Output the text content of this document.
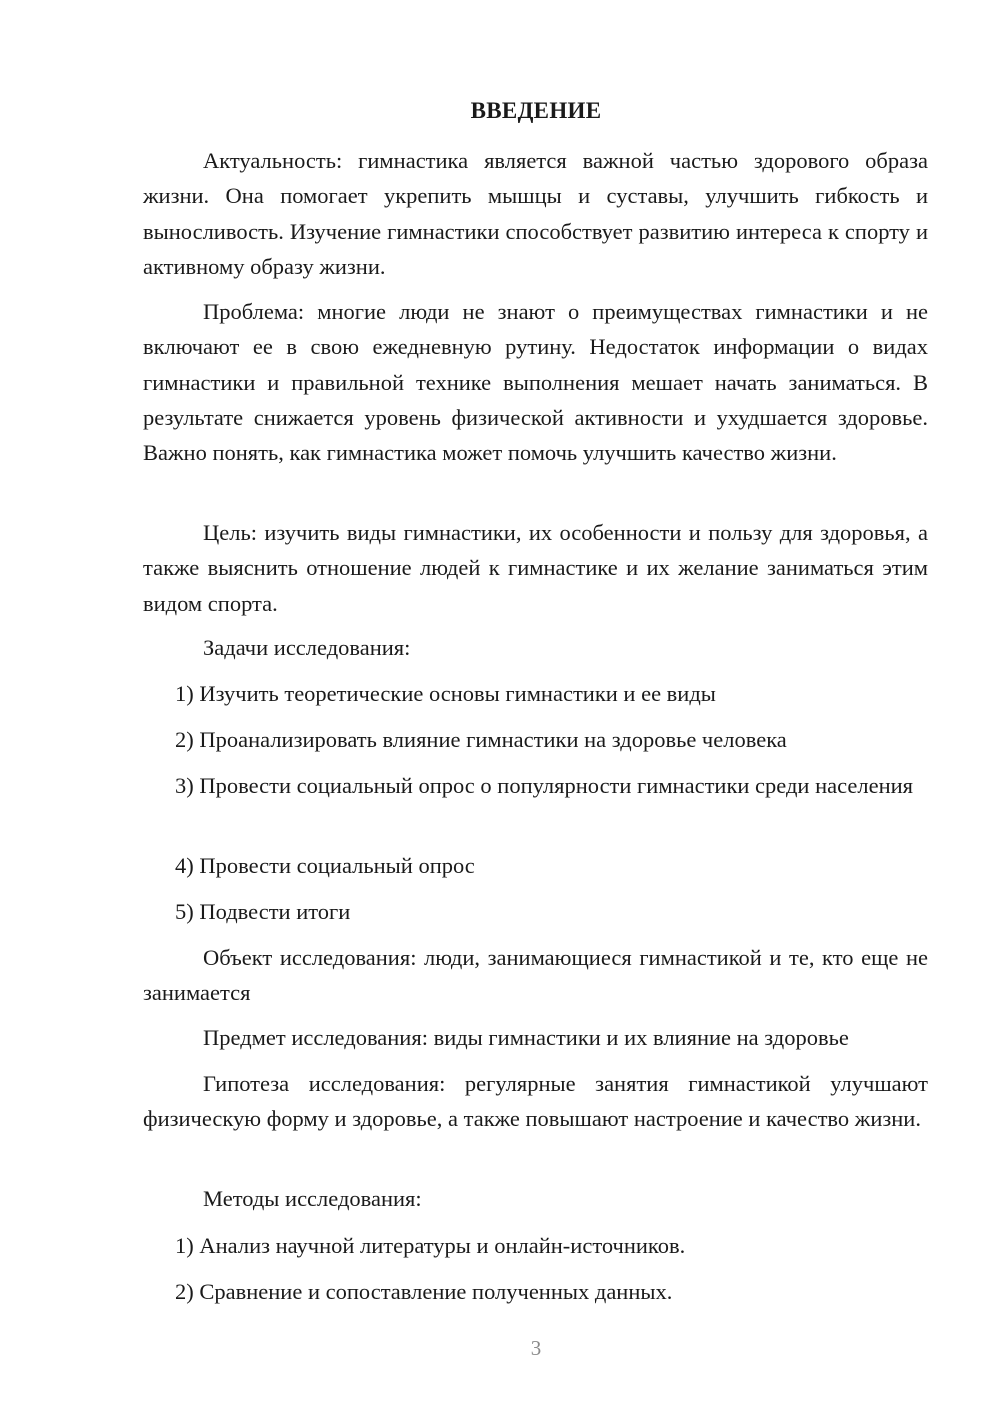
ВВЕДЕНИЕ

Актуальность: гимнастика является важной частью здорового образа жизни. Она помогает укрепить мышцы и суставы, улучшить гибкость и выносливость. Изучение гимнастики способствует развитию интереса к спорту и активному образу жизни.

Проблема: многие люди не знают о преимуществах гимнастики и не включают ее в свою ежедневную рутину. Недостаток информации о видах гимнастики и правильной технике выполнения мешает начать заниматься. В результате снижается уровень физической активности и ухудшается здоровье. Важно понять, как гимнастика может помочь улучшить качество жизни.

Цель: изучить виды гимнастики, их особенности и пользу для здоровья, а также выяснить отношение людей к гимнастике и их желание заниматься этим видом спорта.

Задачи исследования:

1) Изучить теоретические основы гимнастики и ее виды

2) Проанализировать влияние гимнастики на здоровье человека

3) Провести социальный опрос о популярности гимнастики среди населения

4) Провести социальный опрос

5) Подвести итоги

Объект исследования: люди, занимающиеся гимнастикой и те, кто еще не занимается

Предмет исследования: виды гимнастики и их влияние на здоровье

Гипотеза исследования: регулярные занятия гимнастикой улучшают физическую форму и здоровье, а также повышают настроение и качество жизни.

Методы исследования:

1) Анализ научной литературы и онлайн-источников.

2) Сравнение и сопоставление полученных данных.

3
